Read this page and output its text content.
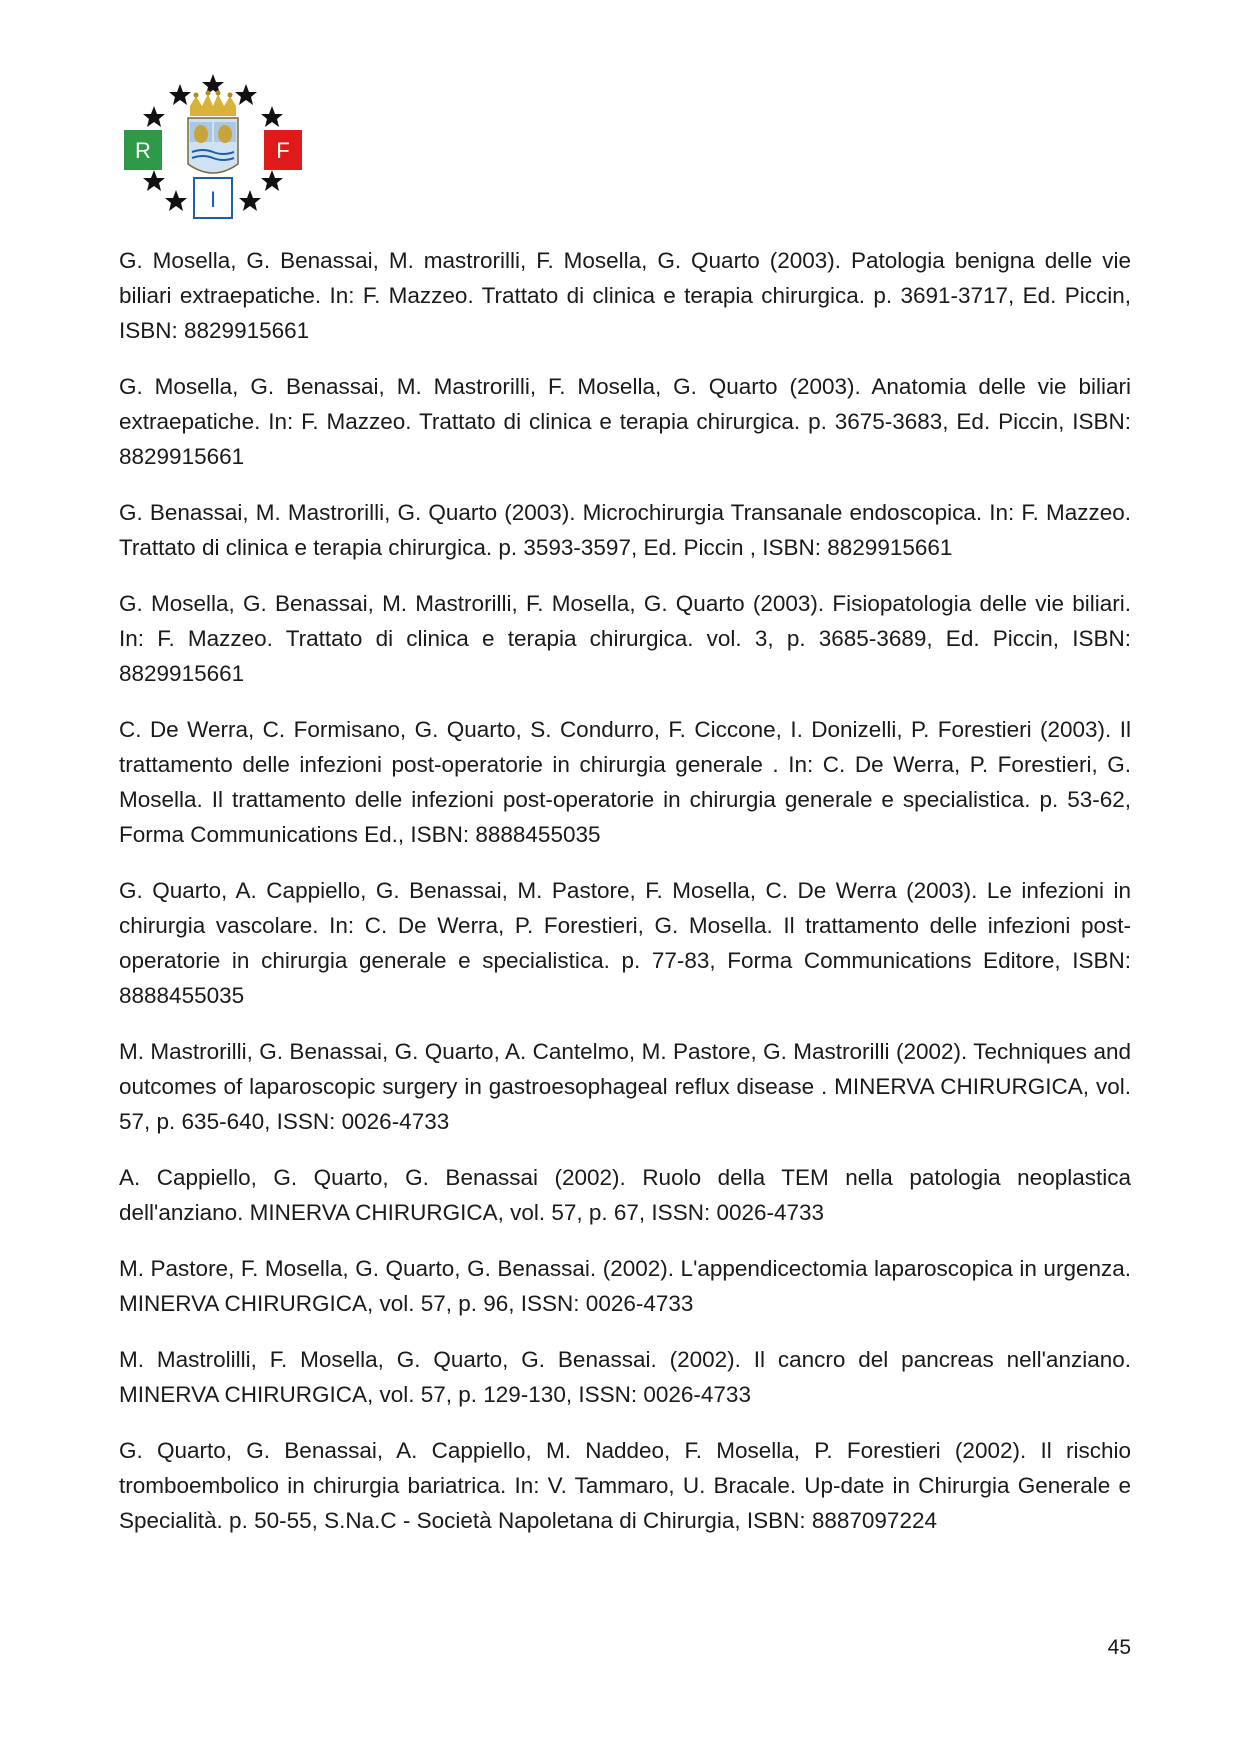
R	F
I

G. Mosella, G. Benassai, M. mastrorilli, F. Mosella, G. Quarto (2003). Patologia benigna delle vie biliari extraepatiche. In: F. Mazzeo. Trattato di clinica e terapia chirurgica. p. 3691-3717, Ed. Piccin, ISBN: 8829915661

G. Mosella, G. Benassai, M. Mastrorilli, F. Mosella, G. Quarto (2003). Anatomia delle vie biliari extraepatiche. In: F. Mazzeo. Trattato di clinica e terapia chirurgica. p. 3675-3683, Ed. Piccin, ISBN: 8829915661

G. Benassai, M. Mastrorilli, G. Quarto (2003). Microchirurgia Transanale endoscopica. In: F. Mazzeo. Trattato di clinica e terapia chirurgica. p. 3593-3597, Ed. Piccin , ISBN: 8829915661

G. Mosella, G. Benassai, M. Mastrorilli, F. Mosella, G. Quarto (2003). Fisiopatologia delle vie biliari. In: F. Mazzeo. Trattato di clinica e terapia chirurgica. vol. 3, p. 3685-3689, Ed. Piccin, ISBN: 8829915661

C. De Werra, C. Formisano, G. Quarto, S. Condurro, F. Ciccone, I. Donizelli, P. Forestieri (2003). Il trattamento delle infezioni post-operatorie in chirurgia generale . In: C. De Werra, P. Forestieri, G. Mosella. Il trattamento delle infezioni post-operatorie in chirurgia generale e specialistica. p. 53-62, Forma Communications Ed., ISBN: 8888455035

G. Quarto, A. Cappiello, G. Benassai, M. Pastore, F. Mosella, C. De Werra (2003). Le infezioni in chirurgia vascolare. In: C. De Werra, P. Forestieri, G. Mosella. Il trattamento delle infezioni post-operatorie in chirurgia generale e specialistica. p. 77-83, Forma Communications Editore, ISBN: 8888455035

M. Mastrorilli, G. Benassai, G. Quarto, A. Cantelmo, M. Pastore, G. Mastrorilli (2002). Techniques and outcomes of laparoscopic surgery in gastroesophageal reflux disease . MINERVA CHIRURGICA, vol. 57, p. 635-640, ISSN: 0026-4733

A. Cappiello, G. Quarto, G. Benassai (2002). Ruolo della TEM nella patologia neoplastica dell'anziano. MINERVA CHIRURGICA, vol. 57, p. 67, ISSN: 0026-4733

M. Pastore, F. Mosella, G. Quarto, G. Benassai. (2002). L'appendicectomia laparoscopica in urgenza. MINERVA CHIRURGICA, vol. 57, p. 96, ISSN: 0026-4733

M. Mastrolilli, F. Mosella, G. Quarto, G. Benassai. (2002). Il cancro del pancreas nell'anziano. MINERVA CHIRURGICA, vol. 57, p. 129-130, ISSN: 0026-4733

G. Quarto, G. Benassai, A. Cappiello, M. Naddeo, F. Mosella, P. Forestieri (2002). Il rischio tromboembolico in chirurgia bariatrica. In: V. Tammaro, U. Bracale. Up-date in Chirurgia Generale e Specialità. p. 50-55, S.Na.C - Società Napoletana di Chirurgia, ISBN: 8887097224

45
